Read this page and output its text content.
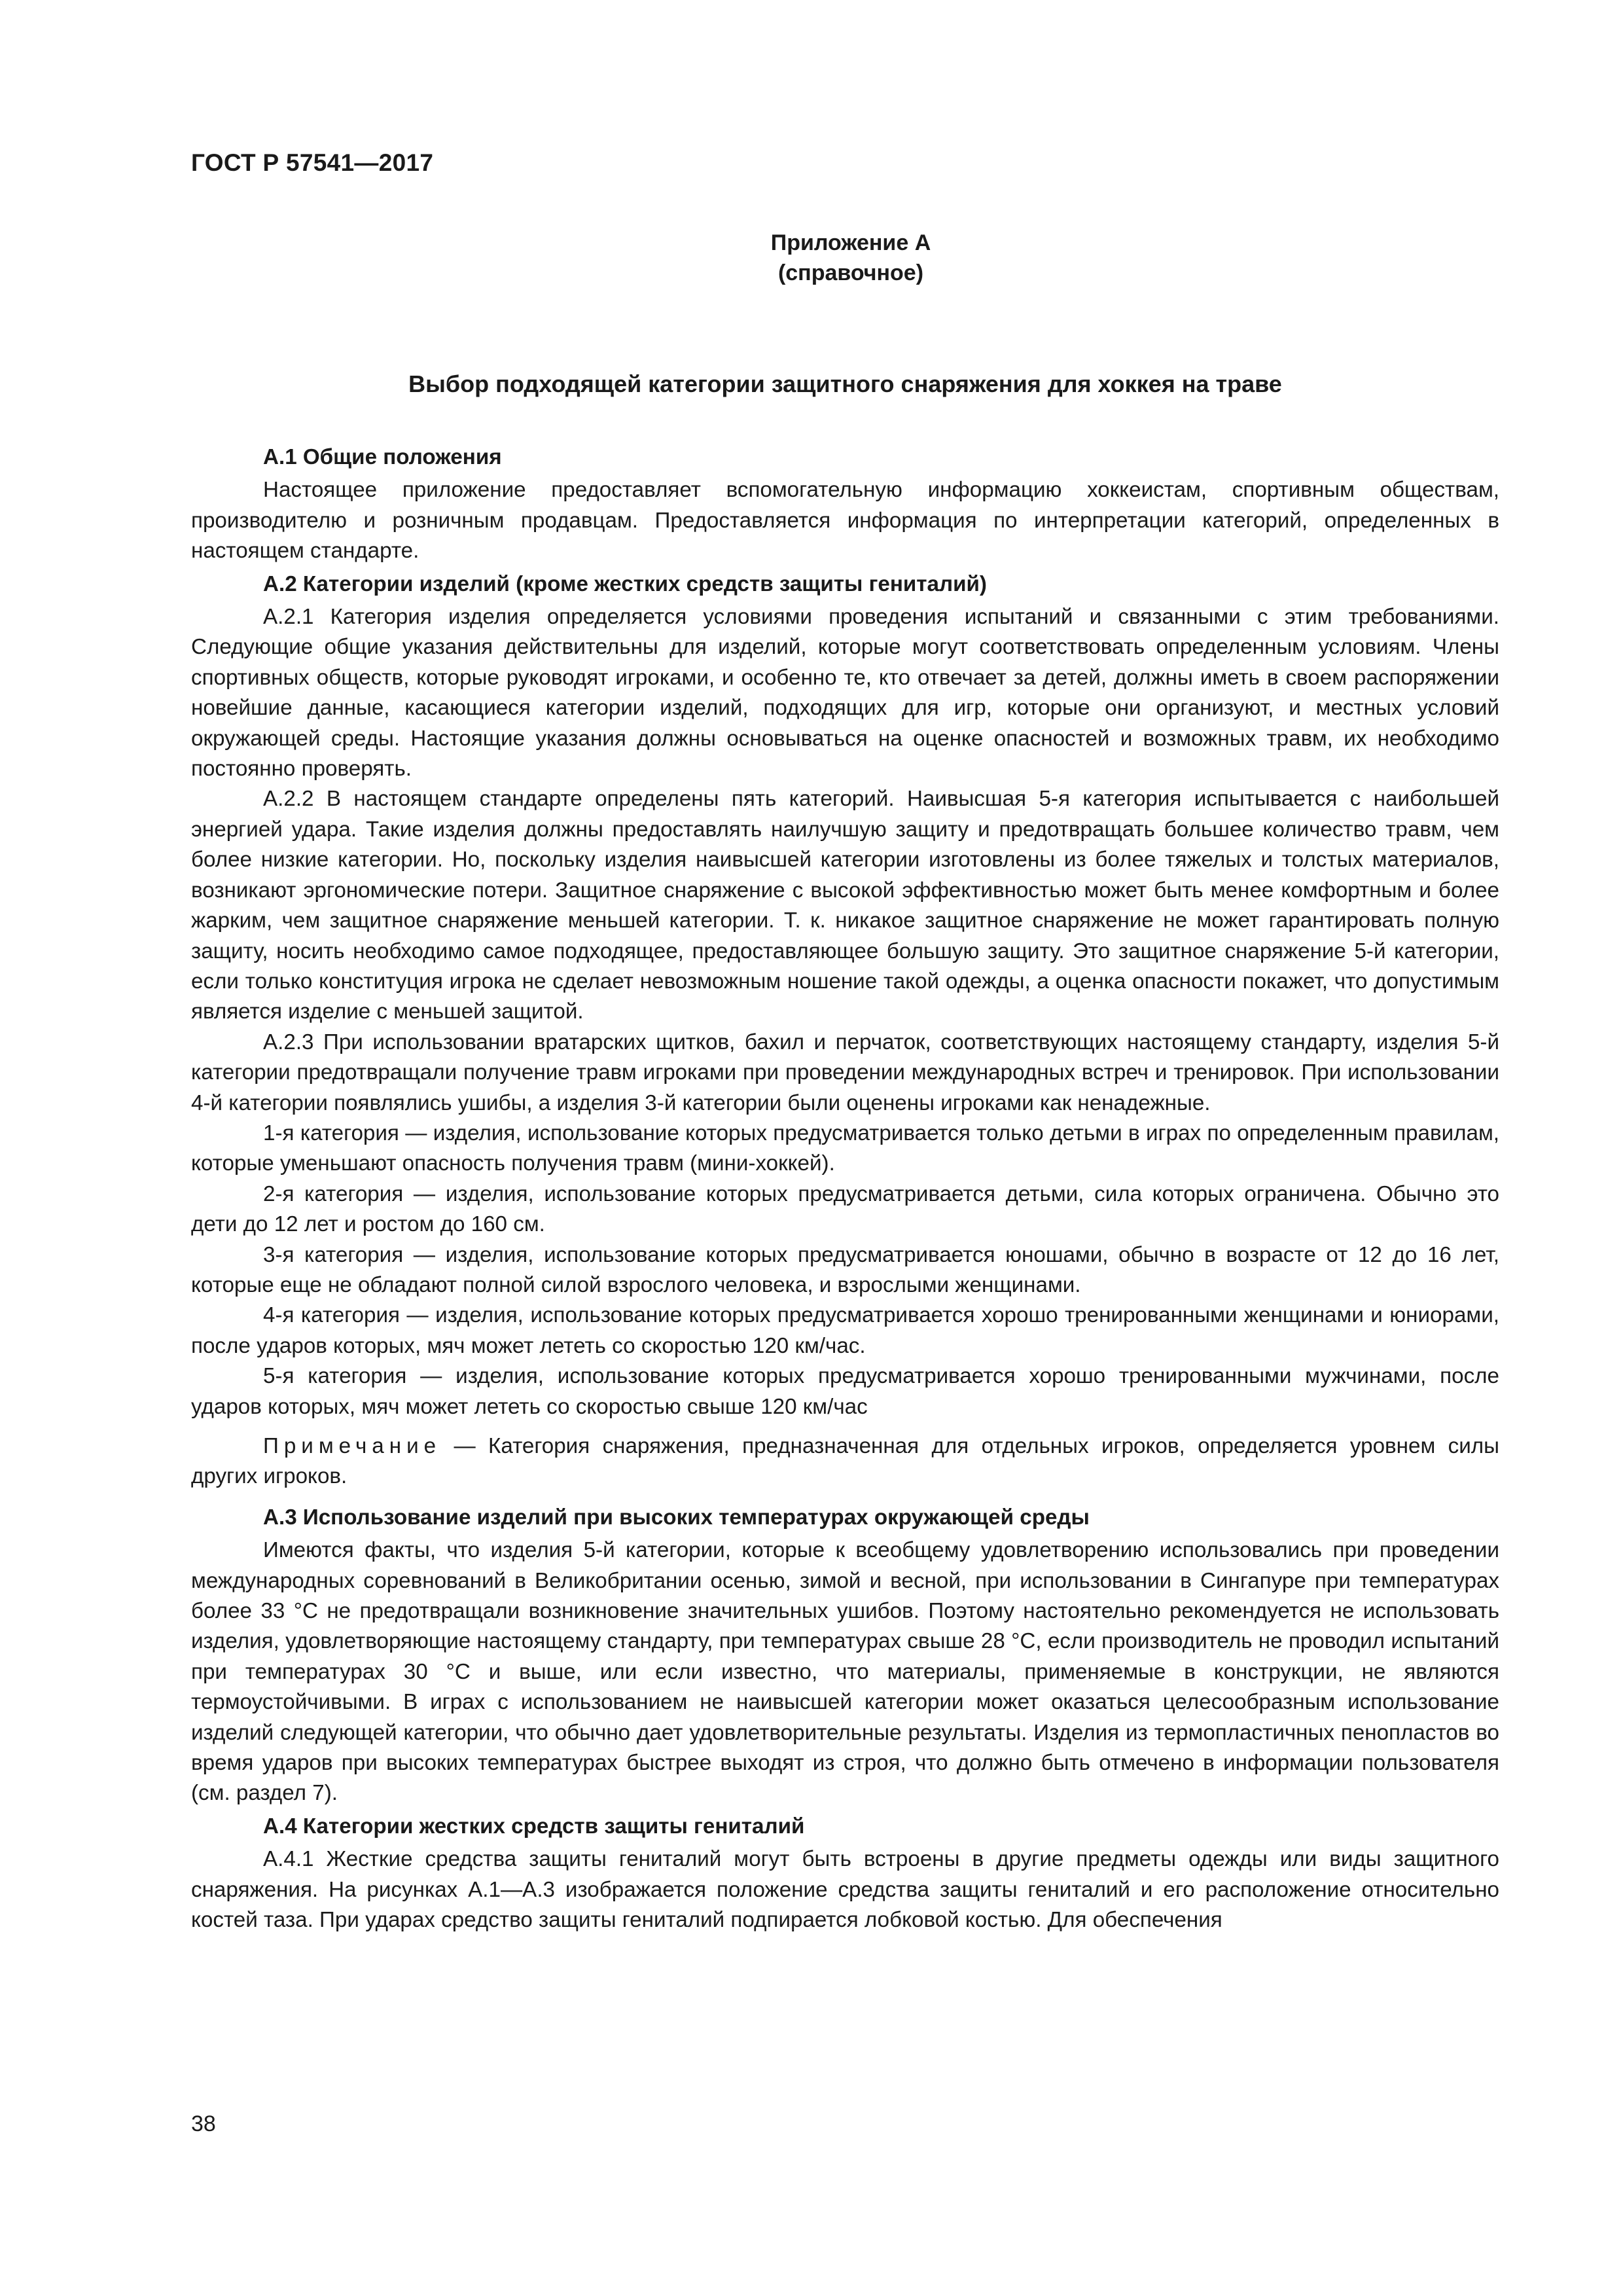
ГОСТ Р 57541—2017
Приложение А
(справочное)
Выбор подходящей категории защитного снаряжения для хоккея на траве
А.1 Общие положения

Настоящее приложение предоставляет вспомогательную информацию хоккеистам, спортивным обществам, производителю и розничным продавцам. Предоставляется информация по интерпретации категорий, определенных в настоящем стандарте.

А.2 Категории изделий (кроме жестких средств защиты гениталий)

А.2.1 Категория изделия определяется условиями проведения испытаний и связанными с этим требованиями. Следующие общие указания действительны для изделий, которые могут соответствовать определенным условиям. Члены спортивных обществ, которые руководят игроками, и особенно те, кто отвечает за детей, должны иметь в своем распоряжении новейшие данные, касающиеся категории изделий, подходящих для игр, которые они организуют, и местных условий окружающей среды. Настоящие указания должны основываться на оценке опасностей и возможных травм, их необходимо постоянно проверять.

А.2.2 В настоящем стандарте определены пять категорий. Наивысшая 5-я категория испытывается с наибольшей энергией удара. Такие изделия должны предоставлять наилучшую защиту и предотвращать большее количество травм, чем более низкие категории. Но, поскольку изделия наивысшей категории изготовлены из более тяжелых и толстых материалов, возникают эргономические потери. Защитное снаряжение с высокой эффективностью может быть менее комфортным и более жарким, чем защитное снаряжение меньшей категории. Т. к. никакое защитное снаряжение не может гарантировать полную защиту, носить необходимо самое подходящее, предоставляющее большую защиту. Это защитное снаряжение 5-й категории, если только конституция игрока не сделает невозможным ношение такой одежды, а оценка опасности покажет, что допустимым является изделие с меньшей защитой.

А.2.3 При использовании вратарских щитков, бахил и перчаток, соответствующих настоящему стандарту, изделия 5-й категории предотвращали получение травм игроками при проведении международных встреч и тренировок. При использовании 4-й категории появлялись ушибы, а изделия 3-й категории были оценены игроками как ненадежные.

1-я категория — изделия, использование которых предусматривается только детьми в играх по определенным правилам, которые уменьшают опасность получения травм (мини-хоккей).

2-я категория — изделия, использование которых предусматривается детьми, сила которых ограничена. Обычно это дети до 12 лет и ростом до 160 см.

3-я категория — изделия, использование которых предусматривается юношами, обычно в возрасте от 12 до 16 лет, которые еще не обладают полной силой взрослого человека, и взрослыми женщинами.

4-я категория — изделия, использование которых предусматривается хорошо тренированными женщинами и юниорами, после ударов которых, мяч может лететь со скоростью 120 км/час.

5-я категория — изделия, использование которых предусматривается хорошо тренированными мужчинами, после ударов которых, мяч может лететь со скоростью свыше 120 км/час

Примечание — Категория снаряжения, предназначенная для отдельных игроков, определяется уровнем силы других игроков.

А.3 Использование изделий при высоких температурах окружающей среды

Имеются факты, что изделия 5-й категории, которые к всеобщему удовлетворению использовались при проведении международных соревнований в Великобритании осенью, зимой и весной, при использовании в Сингапуре при температурах более 33 °С не предотвращали возникновение значительных ушибов. Поэтому настоятельно рекомендуется не использовать изделия, удовлетворяющие настоящему стандарту, при температурах свыше 28 °С, если производитель не проводил испытаний при температурах 30 °С и выше, или если известно, что материалы, применяемые в конструкции, не являются термоустойчивыми. В играх с использованием не наивысшей категории может оказаться целесообразным использование изделий следующей категории, что обычно дает удовлетворительные результаты. Изделия из термопластичных пенопластов во время ударов при высоких температурах быстрее выходят из строя, что должно быть отмечено в информации пользователя (см. раздел 7).

А.4 Категории жестких средств защиты гениталий

А.4.1 Жесткие средства защиты гениталий могут быть встроены в другие предметы одежды или виды защитного снаряжения. На рисунках А.1—А.3 изображается положение средства защиты гениталий и его расположение относительно костей таза. При ударах средство защиты гениталий подпирается лобковой костью. Для обеспечения

38
